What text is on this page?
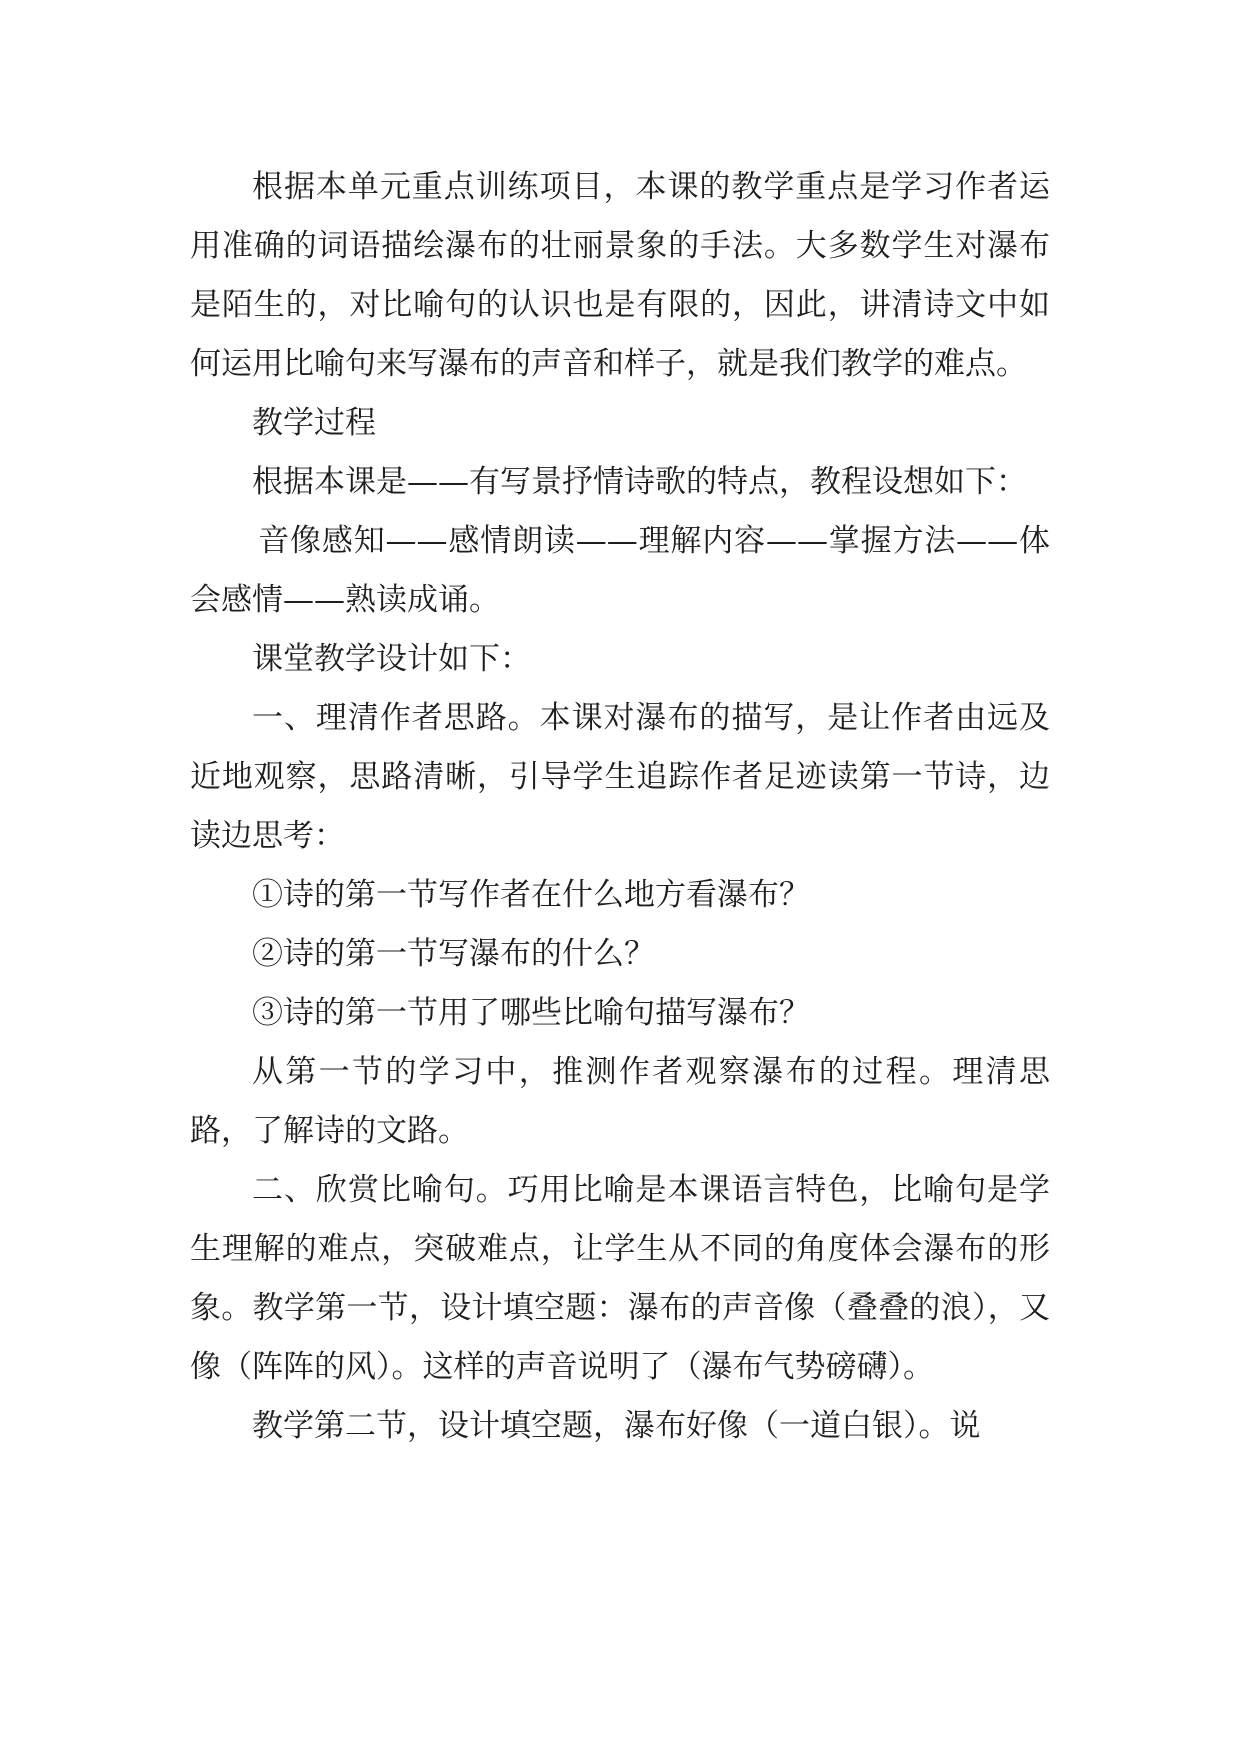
根据本单元重点训练项目，本课的教学重点是学习作者运用准确的词语描绘瀑布的壮丽景象的手法。大多数学生对瀑布是陌生的，对比喻句的认识也是有限的，因此，讲清诗文中如何运用比喻句来写瀑布的声音和样子，就是我们教学的难点。

教学过程

根据本课是——有写景抒情诗歌的特点，教程设想如下：

音像感知——感情朗读——理解内容——掌握方法——体会感情——熟读成诵。

课堂教学设计如下：

一、理清作者思路。本课对瀑布的描写，是让作者由远及近地观察，思路清晰，引导学生追踪作者足迹读第一节诗，边读边思考：

①诗的第一节写作者在什么地方看瀑布？

②诗的第一节写瀑布的什么？

③诗的第一节用了哪些比喻句描写瀑布？

从第一节的学习中，推测作者观察瀑布的过程。理清思路，了解诗的文路。

二、欣赏比喻句。巧用比喻是本课语言特色，比喻句是学生理解的难点，突破难点，让学生从不同的角度体会瀑布的形象。教学第一节，设计填空题：瀑布的声音像（叠叠的浪），又像（阵阵的风）。这样的声音说明了（瀑布气势磅礴）。

教学第二节，设计填空题，瀑布好像（一道白银）。说
